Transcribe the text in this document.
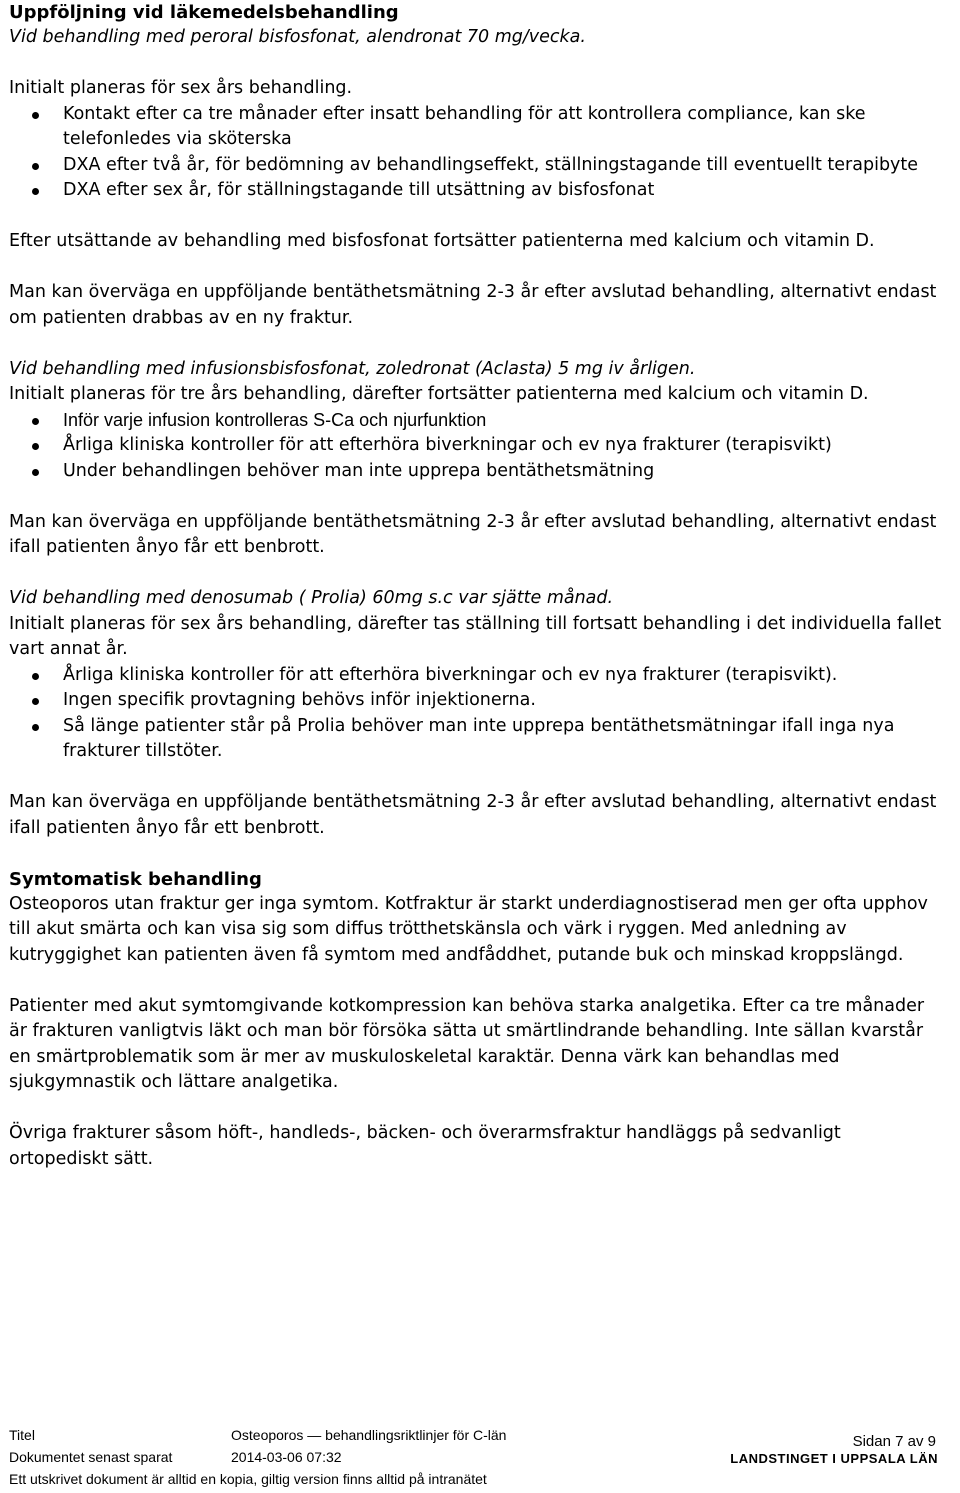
Uppföljning vid läkemedelsbehandling

Vid behandling med peroral bisfosfonat, alendronat 70 mg/vecka.

Initialt planeras för sex års behandling.

Kontakt efter ca tre månader efter insatt behandling för att kontrollera compliance, kan ske telefonledes via sköterska
DXA efter två år, för bedömning av behandlingseffekt, ställningstagande till eventuellt terapibyte
DXA efter sex år, för ställningstagande till utsättning av bisfosfonat

Efter utsättande av behandling med bisfosfonat fortsätter patienterna med kalcium och vitamin D.

Man kan överväga en uppföljande bentäthetsmätning 2-3 år efter avslutad behandling, alternativt endast om patienten drabbas av en ny fraktur.

Vid behandling med infusionsbisfosfonat, zoledronat (Aclasta) 5 mg iv årligen.

Initialt planeras för tre års behandling, därefter fortsätter patienterna med kalcium och vitamin D.

Inför varje infusion kontrolleras S-Ca och njurfunktion
Årliga kliniska kontroller för att efterhöra biverkningar och ev nya frakturer (terapisvikt)
Under behandlingen behöver man inte upprepa bentäthetsmätning

Man kan överväga en uppföljande bentäthetsmätning 2-3 år efter avslutad behandling, alternativt endast ifall patienten ånyo får ett benbrott.

Vid behandling med denosumab ( Prolia) 60mg s.c var sjätte månad.

Initialt planeras för sex års behandling, därefter tas ställning till fortsatt behandling i det individuella fallet vart annat år.

Årliga kliniska kontroller för att efterhöra biverkningar och ev nya frakturer (terapisvikt).
Ingen specifik provtagning behövs inför injektionerna.
Så länge patienter står på Prolia behöver man inte upprepa bentäthetsmätningar ifall inga nya frakturer tillstöter.

Man kan överväga en uppföljande bentäthetsmätning 2-3 år efter avslutad behandling, alternativt endast ifall patienten ånyo får ett benbrott.

Symtomatisk behandling

Osteoporos utan fraktur ger inga symtom. Kotfraktur är starkt underdiagnostiserad men ger ofta upphov till akut smärta och kan visa sig som diffus trötthetskänsla och värk i ryggen. Med anledning av kutryggighet kan patienten även få symtom med andfåddhet, putande buk och minskad kroppslängd.

Patienter med akut symtomgivande kotkompression kan behöva starka analgetika. Efter ca tre månader är frakturen vanligtvis läkt och man bör försöka sätta ut smärtlindrande behandling. Inte sällan kvarstår en smärtproblematik som är mer av muskuloskeletal karaktär. Denna värk kan behandlas med sjukgymnastik och lättare analgetika.

Övriga frakturer såsom höft-, handleds-, bäcken- och överarmsfraktur handläggs på sedvanligt ortopediskt sätt.

Titel	Osteoporos — behandlingsriktlinjer för C-län	Sidan 7 av 9
Dokumentet senast sparat	2014-03-06 07:32	LANDSTINGET I UPPSALA LÄN
Ett utskrivet dokument är alltid en kopia, giltig version finns alltid på intranätet
